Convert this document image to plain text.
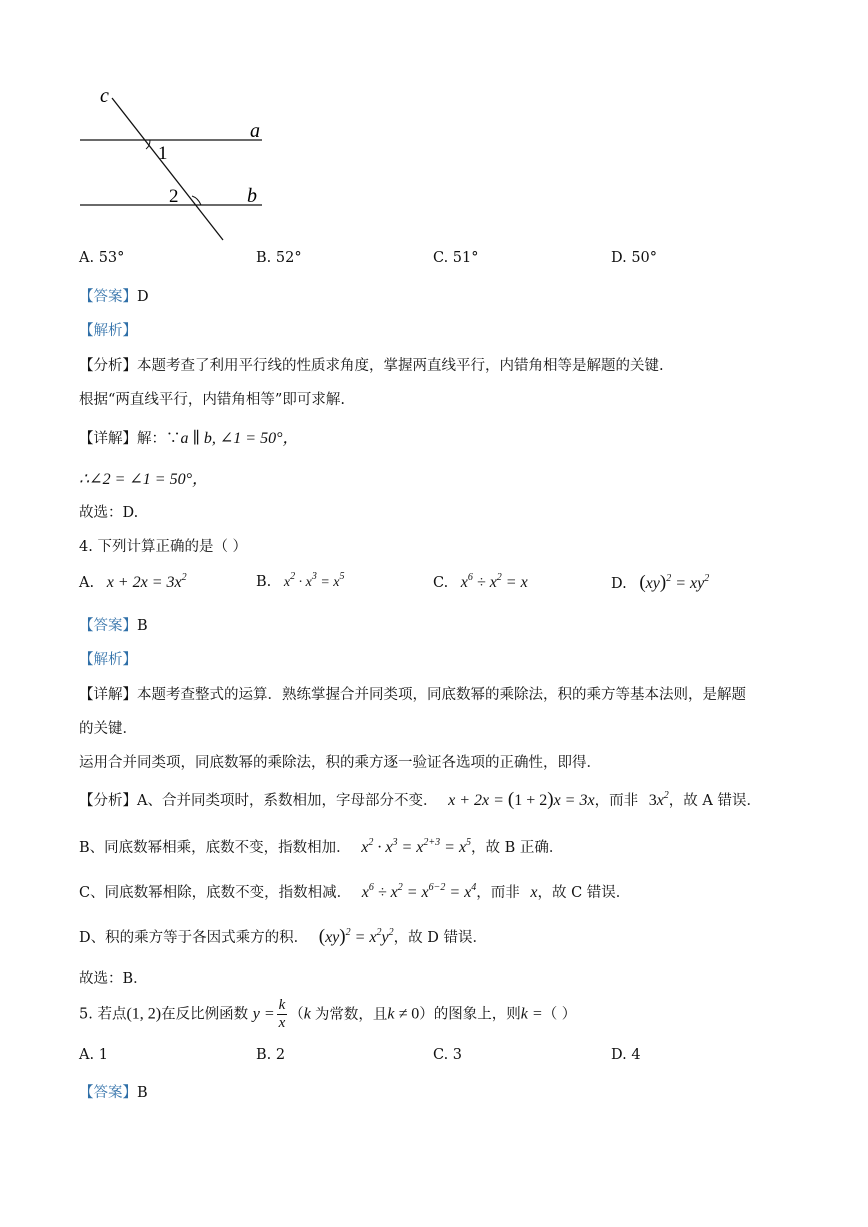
c
a
b
1
2
A. 53°	B. 52°	C. 51°	D. 50°
【答案】D
【解析】
【分析】本题考查了利用平行线的性质求角度，掌握两直线平行，内错角相等是解题的关键.
根据“两直线平行，内错角相等”即可求解.
【详解】解：∵a ∥ b, ∠1 = 50°，
∴∠2 = ∠1 = 50°，
故选：D.
4. 下列计算正确的是（ ）
A. $x + 2x = 3x^2$	B. $x^2 \cdot x^3 = x^5$	C. $x^6 \div x^2 = x$	D. $(xy)^2 = xy^2$
【答案】B
【解析】
【详解】本题考查整式的运算．熟练掌握合并同类项，同底数幂的乘除法，积的乘方等基本法则，是解题
的关键．
运用合并同类项，同底数幂的乘除法，积的乘方逐一验证各选项的正确性，即得．
【分析】A、合并同类项时，系数相加，字母部分不变． x + 2x = (1 + 2)x = 3x，而非 $3x^2$，故 A 错误．
B、同底数幂相乘，底数不变，指数相加． $x^2 \cdot x^3 = x^{2+3} = x^5$，故 B 正确．
C、同底数幂相除，底数不变，指数相减． $x^6 \div x^2 = x^{6-2} = x^4$，而非 x，故 C 错误．
D、积的乘方等于各因式乘方的积． $(xy)^2 = x^2y^2$，故 D 错误．
故选：B．
5. 若点(1, 2)在反比例函数 $y = \frac{k}{x} (k$ 为常数，且k ≠ 0）的图象上，则k =（ ）
A. 1	B. 2	C. 3	D. 4
【答案】B
